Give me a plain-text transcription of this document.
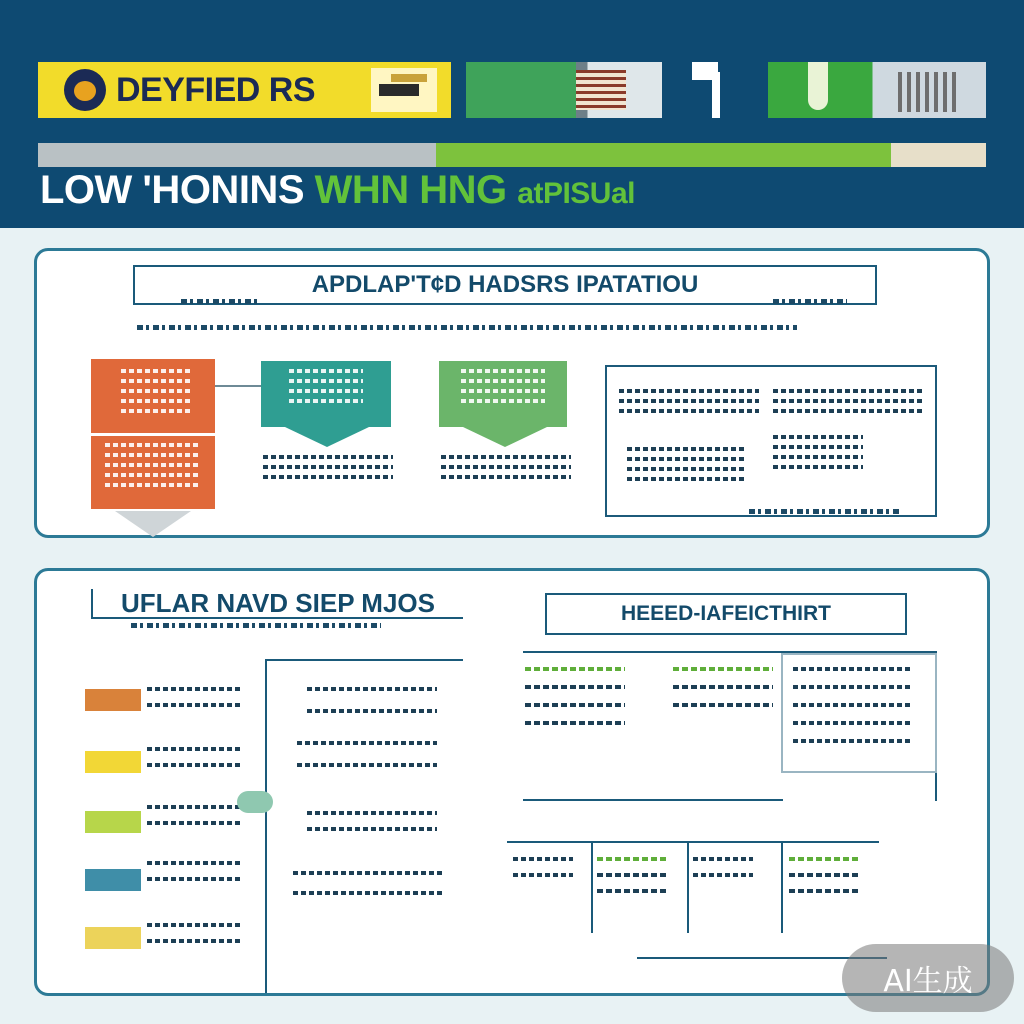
DEYFIED RS
LOW 'HONINS WHN HNG atPISUal
APDLAP'T¢D HADSRS IPATATIOU
UFLAR NAVD SIEP MJOS	HEEED-IAFEICTHIRT
AI生成
